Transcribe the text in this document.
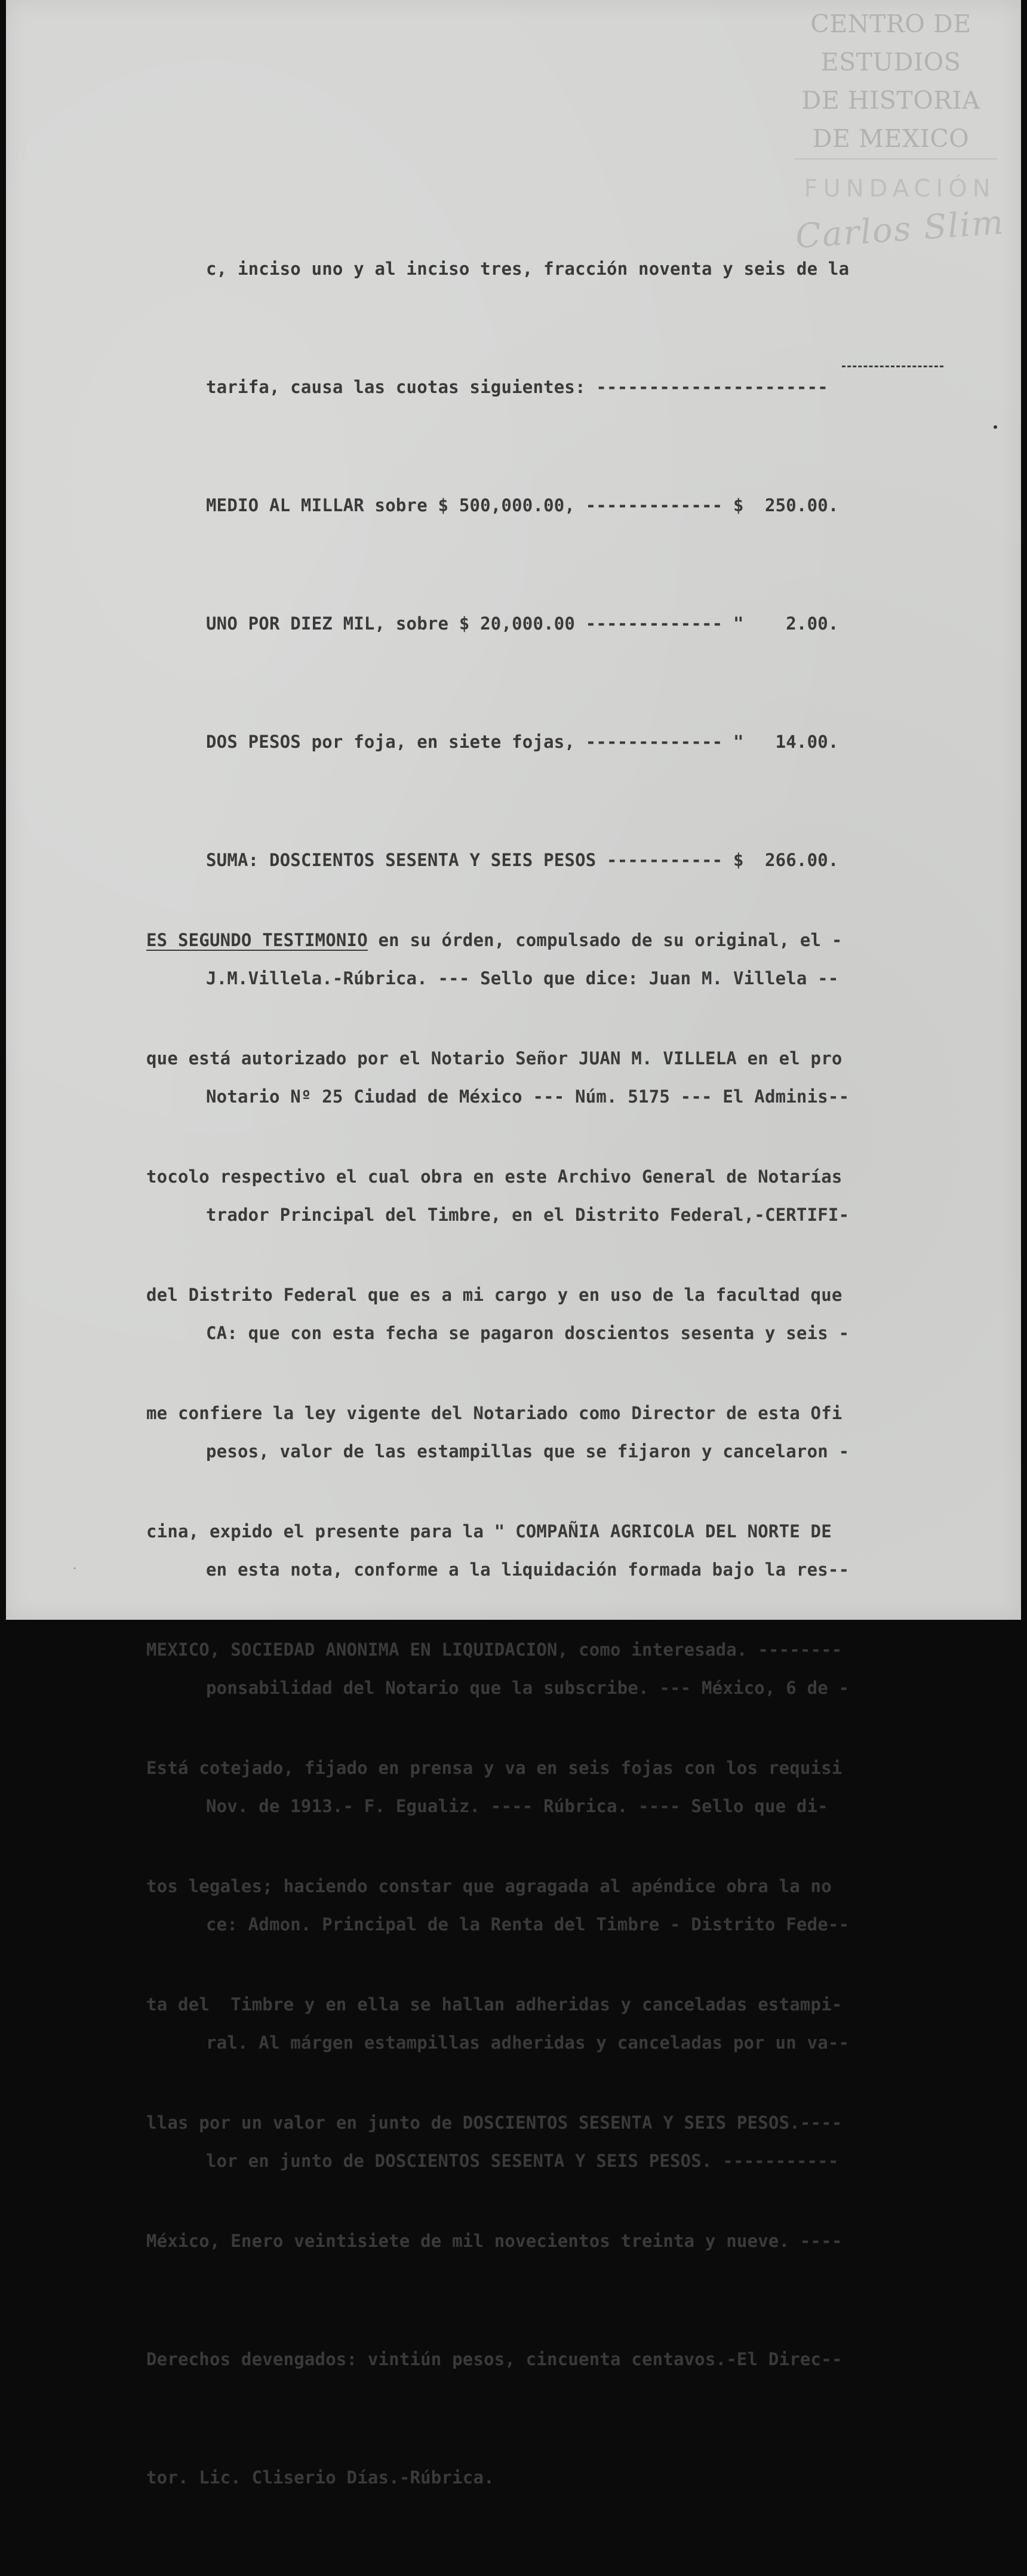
CENTRO DE
ESTUDIOS
DE HISTORIA
DE MEXICO
FUNDACIÓN
Carlos Slim

c, inciso uno y al inciso tres, fracción noventa y seis de la

tarifa, causa las cuotas siguientes: ----------------------

MEDIO AL MILLAR sobre $ 500,000.00, ------------- $  250.00.

UNO POR DIEZ MIL, sobre $ 20,000.00 ------------- "    2.00.

DOS PESOS por foja, en siete fojas, ------------- "   14.00.

SUMA: DOSCIENTOS SESENTA Y SEIS PESOS ----------- $  266.00.

J.M.Villela.-Rúbrica. --- Sello que dice: Juan M. Villela --

Notario Nº 25 Ciudad de México --- Núm. 5175 --- El Adminis--

trador Principal del Timbre, en el Distrito Federal,-CERTIFI-

CA: que con esta fecha se pagaron doscientos sesenta y seis -

pesos, valor de las estampillas que se fijaron y cancelaron -

en esta nota, conforme a la liquidación formada bajo la res--

ponsabilidad del Notario que la subscribe. --- México, 6 de -

Nov. de 1913.- F. Egualiz. ---- Rúbrica. ---- Sello que di-

ce: Admon. Principal de la Renta del Timbre - Distrito Fede--

ral. Al márgen estampillas adheridas y canceladas por un va--

lor en junto de DOSCIENTOS SESENTA Y SEIS PESOS. -----------

ES SEGUNDO TESTIMONIO en su órden, compulsado de su original, el -

que está autorizado por el Notario Señor JUAN M. VILLELA en el pro

tocolo respectivo el cual obra en este Archivo General de Notarías

del Distrito Federal que es a mi cargo y en uso de la facultad que

me confiere la ley vigente del Notariado como Director de esta Ofi

cina, expido el presente para la " COMPAÑIA AGRICOLA DEL NORTE DE

MEXICO, SOCIEDAD ANONIMA EN LIQUIDACION, como interesada. --------

Está cotejado, fijado en prensa y va en seis fojas con los requisi

tos legales; haciendo constar que agragada al apéndice obra la no

ta del  Timbre y en ella se hallan adheridas y canceladas estampi-

llas por un valor en junto de DOSCIENTOS SESENTA Y SEIS PESOS.----

México, Enero veintisiete de mil novecientos treinta y nueve. ----

Derechos devengados: vintiún pesos, cincuenta centavos.-El Direc--

tor. Lic. Cliserio Días.-Rúbrica.

.
